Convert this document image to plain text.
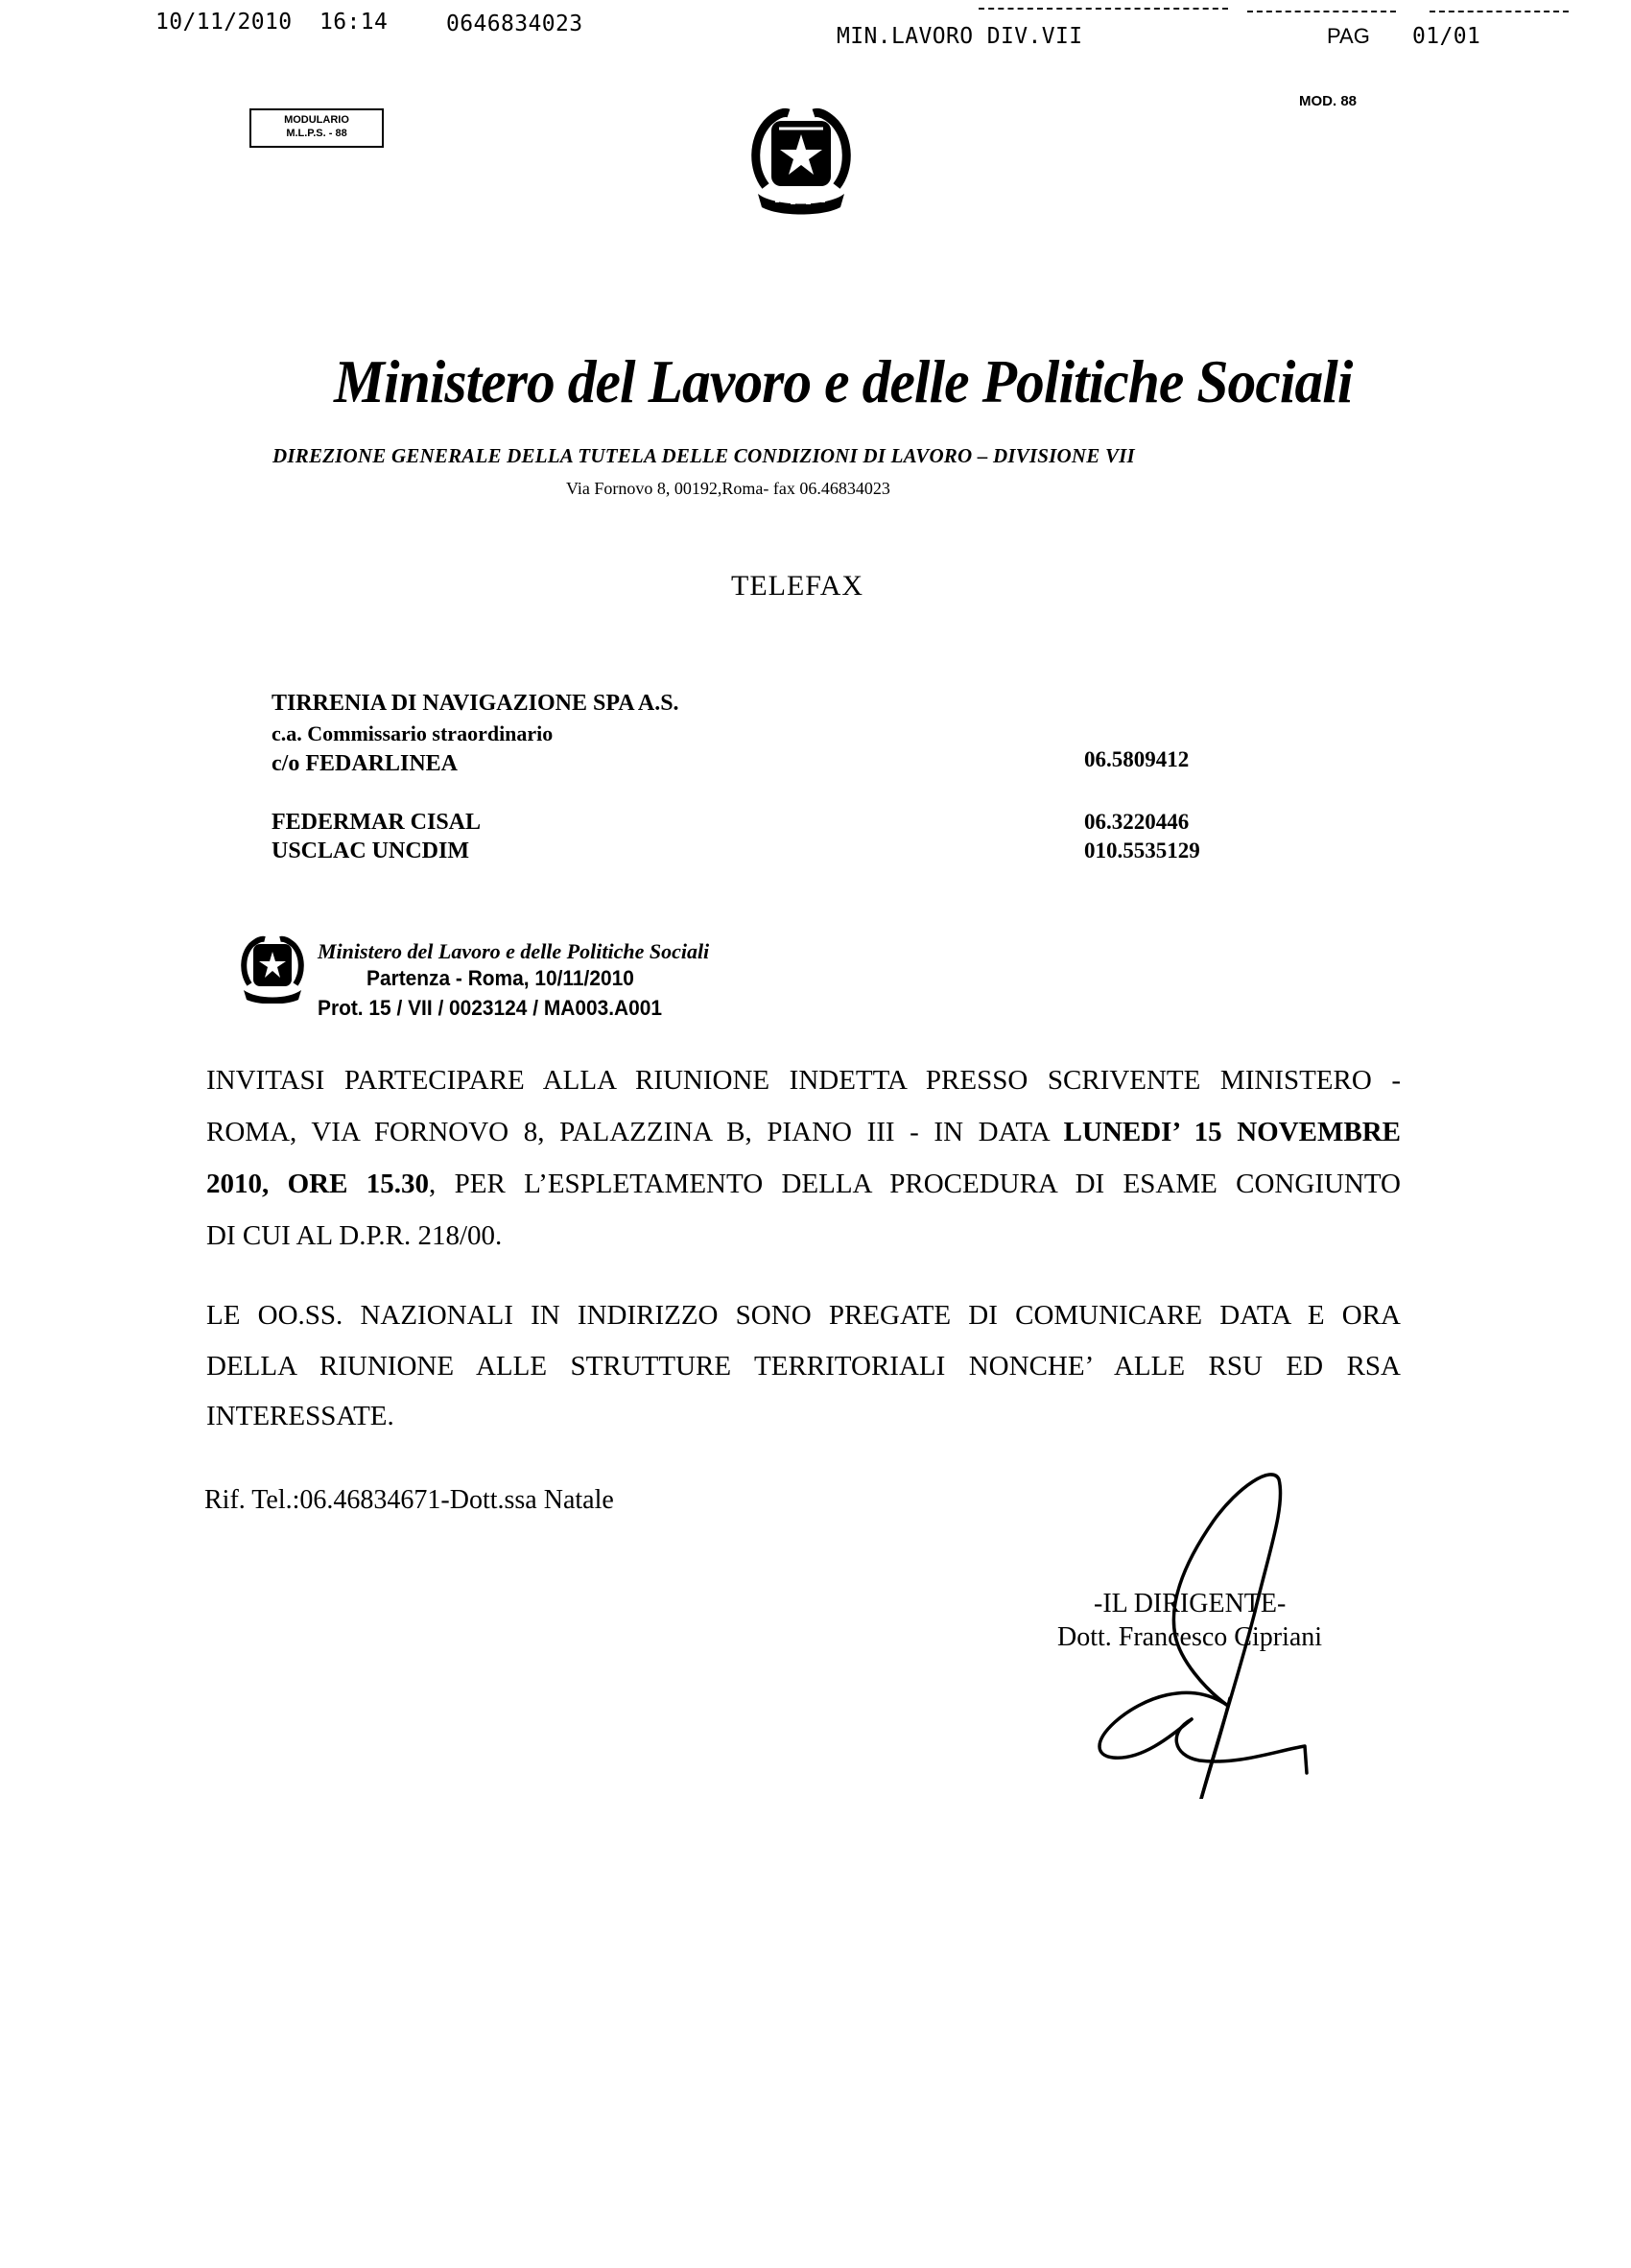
10/11/2010 16:14	0646834023	MIN.LAVORO DIV.VII	PAG 01/01
MODULARIO
M.L.P.S. - 88
MOD. 88
Ministero del Lavoro e delle Politiche Sociali
DIREZIONE GENERALE DELLA TUTELA DELLE CONDIZIONI DI LAVORO – DIVISIONE VII
Via Fornovo 8, 00192,Roma- fax 06.46834023
TELEFAX
TIRRENIA DI NAVIGAZIONE SPA A.S.
c.a. Commissario straordinario
c/o FEDARLINEA	06.5809412
FEDERMAR CISAL	06.3220446
USCLAC UNCDIM	010.5535129
Ministero del Lavoro e delle Politiche Sociali
Partenza - Roma, 10/11/2010
Prot. 15 / VII / 0023124 / MA003.A001
INVITASI PARTECIPARE ALLA RIUNIONE INDETTA PRESSO SCRIVENTE MINISTERO -
ROMA, VIA FORNOVO 8, PALAZZINA B, PIANO III - IN DATA LUNEDI’ 15 NOVEMBRE
2010, ORE 15.30, PER L’ESPLETAMENTO DELLA PROCEDURA DI ESAME CONGIUNTO
DI CUI AL D.P.R. 218/00.
LE OO.SS. NAZIONALI IN INDIRIZZO SONO PREGATE DI COMUNICARE DATA E ORA
DELLA RIUNIONE ALLE STRUTTURE TERRITORIALI NONCHE’ ALLE RSU ED RSA
INTERESSATE.
Rif. Tel.:06.46834671-Dott.ssa Natale
-IL DIRIGENTE-
Dott. Francesco Cipriani
